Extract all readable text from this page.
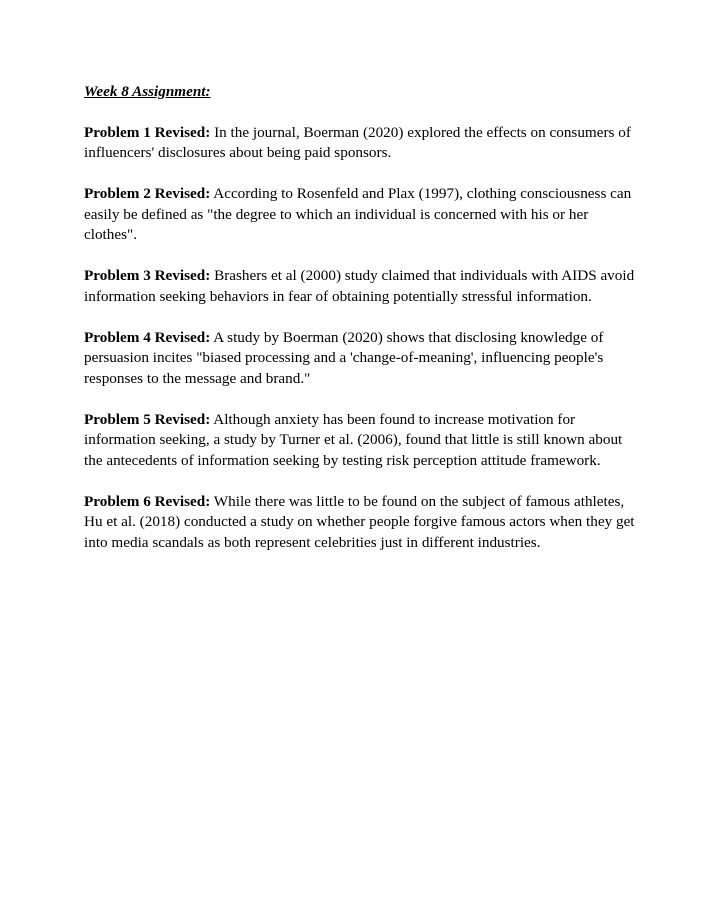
Week 8 Assignment:

Problem 1 Revised: In the journal, Boerman (2020) explored the effects on consumers of influencers' disclosures about being paid sponsors.

Problem 2 Revised: According to Rosenfeld and Plax (1997), clothing consciousness can easily be defined as "the degree to which an individual is concerned with his or her clothes".

Problem 3 Revised: Brashers et al (2000) study claimed that individuals with AIDS avoid information seeking behaviors in fear of obtaining potentially stressful information.

Problem 4 Revised: A study by Boerman (2020) shows that disclosing knowledge of persuasion incites "biased processing and a 'change-of-meaning', influencing people's responses to the message and brand."

Problem 5 Revised: Although anxiety has been found to increase motivation for information seeking, a study by Turner et al. (2006), found that little is still known about the antecedents of information seeking by testing risk perception attitude framework.

Problem 6 Revised: While there was little to be found on the subject of famous athletes, Hu et al. (2018) conducted a study on whether people forgive famous actors when they get into media scandals as both represent celebrities just in different industries.
